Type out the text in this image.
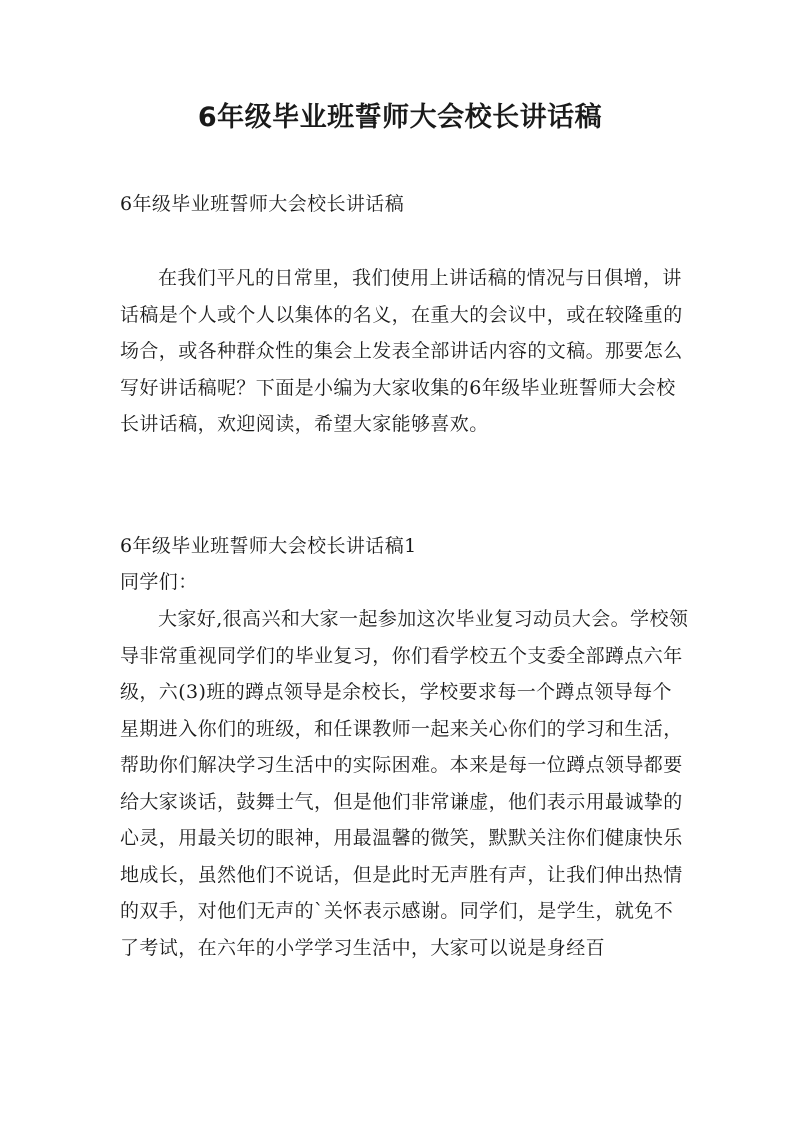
6年级毕业班誓师大会校长讲话稿

6年级毕业班誓师大会校长讲话稿

在我们平凡的日常里，我们使用上讲话稿的情况与日俱增，讲话稿是个人或个人以集体的名义，在重大的会议中，或在较隆重的场合，或各种群众性的集会上发表全部讲话内容的文稿。那要怎么写好讲话稿呢？下面是小编为大家收集的6年级毕业班誓师大会校长讲话稿，欢迎阅读，希望大家能够喜欢。

6年级毕业班誓师大会校长讲话稿1

同学们：

大家好,很高兴和大家一起参加这次毕业复习动员大会。学校领导非常重视同学们的毕业复习，你们看学校五个支委全部蹲点六年级，六(3)班的蹲点领导是余校长，学校要求每一个蹲点领导每个星期进入你们的班级，和任课教师一起来关心你们的学习和生活，帮助你们解决学习生活中的实际困难。本来是每一位蹲点领导都要给大家谈话，鼓舞士气，但是他们非常谦虚，他们表示用最诚挚的心灵，用最关切的眼神，用最温馨的微笑，默默关注你们健康快乐地成长，虽然他们不说话，但是此时无声胜有声，让我们伸出热情的双手，对他们无声的`关怀表示感谢。同学们，是学生，就免不了考试，在六年的小学学习生活中，大家可以说是身经百
